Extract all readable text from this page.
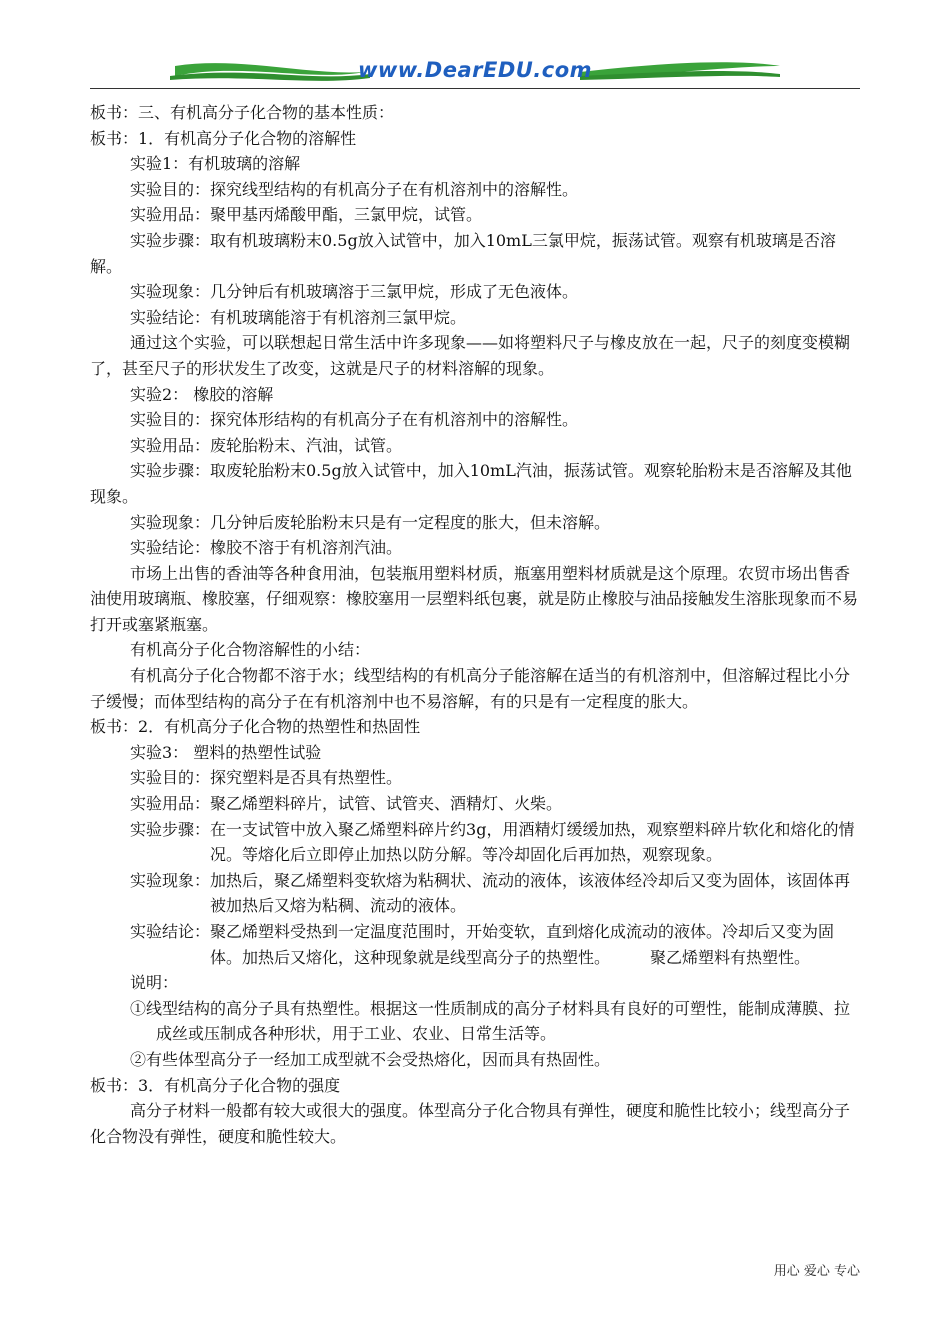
www.DearEDU.com

板书：三、有机高分子化合物的基本性质：

板书：1．有机高分子化合物的溶解性

实验1：有机玻璃的溶解

实验目的：探究线型结构的有机高分子在有机溶剂中的溶解性。

实验用品：聚甲基丙烯酸甲酯，三氯甲烷，试管。

实验步骤：取有机玻璃粉末0.5g放入试管中，加入10mL三氯甲烷，振荡试管。观察有机玻璃是否溶解。

实验现象：几分钟后有机玻璃溶于三氯甲烷，形成了无色液体。

实验结论：有机玻璃能溶于有机溶剂三氯甲烷。

通过这个实验，可以联想起日常生活中许多现象——如将塑料尺子与橡皮放在一起，尺子的刻度变模糊了，甚至尺子的形状发生了改变，这就是尺子的材料溶解的现象。

实验2： 橡胶的溶解

实验目的：探究体形结构的有机高分子在有机溶剂中的溶解性。

实验用品：废轮胎粉末、汽油，试管。

实验步骤：取废轮胎粉末0.5g放入试管中，加入10mL汽油，振荡试管。观察轮胎粉末是否溶解及其他现象。

实验现象：几分钟后废轮胎粉末只是有一定程度的胀大，但未溶解。

实验结论：橡胶不溶于有机溶剂汽油。

市场上出售的香油等各种食用油，包装瓶用塑料材质，瓶塞用塑料材质就是这个原理。农贸市场出售香油使用玻璃瓶、橡胶塞，仔细观察：橡胶塞用一层塑料纸包裹，就是防止橡胶与油品接触发生溶胀现象而不易打开或塞紧瓶塞。

有机高分子化合物溶解性的小结：

有机高分子化合物都不溶于水；线型结构的有机高分子能溶解在适当的有机溶剂中，但溶解过程比小分子缓慢；而体型结构的高分子在有机溶剂中也不易溶解，有的只是有一定程度的胀大。

板书：2．有机高分子化合物的热塑性和热固性

实验3： 塑料的热塑性试验

实验目的：探究塑料是否具有热塑性。

实验用品：聚乙烯塑料碎片，试管、试管夹、酒精灯、火柴。

实验步骤： 在一支试管中放入聚乙烯塑料碎片约3g，用酒精灯缓缓加热，观察塑料碎片软化和熔化的情况。等熔化后立即停止加热以防分解。等冷却固化后再加热，观察现象。
实验现象： 加热后，聚乙烯塑料变软熔为粘稠状、流动的液体，该液体经冷却后又变为固体，该固体再被加热后又熔为粘稠、流动的液体。
实验结论： 聚乙烯塑料受热到一定温度范围时，开始变软，直到熔化成流动的液体。冷却后又变为固体。加热后又熔化，这种现象就是线型高分子的热塑性。　　　聚乙烯塑料有热塑性。

说明：

①线型结构的高分子具有热塑性。根据这一性质制成的高分子材料具有良好的可塑性，能制成薄膜、拉成丝或压制成各种形状，用于工业、农业、日常生活等。

②有些体型高分子一经加工成型就不会受热熔化，因而具有热固性。

板书：3．有机高分子化合物的强度

高分子材料一般都有较大或很大的强度。体型高分子化合物具有弹性，硬度和脆性比较小；线型高分子化合物没有弹性，硬度和脆性较大。

用心 爱心 专心
